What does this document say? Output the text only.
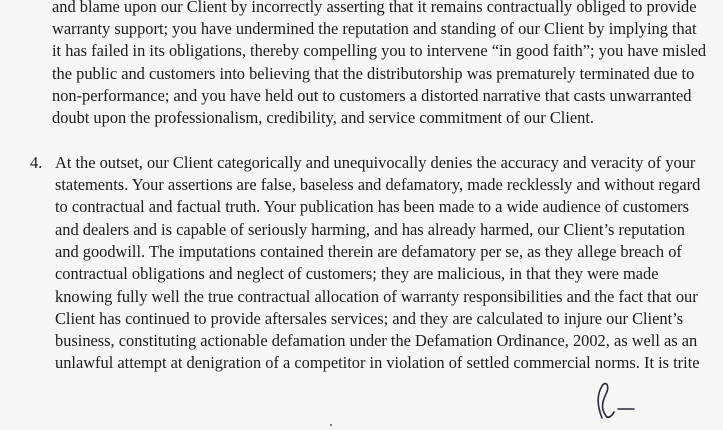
and blame upon our Client by incorrectly asserting that it remains contractually obliged to provide
warranty support; you have undermined the reputation and standing of our Client by implying that
it has failed in its obligations, thereby compelling you to intervene “in good faith”; you have misled
the public and customers into believing that the distributorship was prematurely terminated due to
non-performance; and you have held out to customers a distorted narrative that casts unwarranted
doubt upon the professionalism, credibility, and service commitment of our Client.
4. At the outset, our Client categorically and unequivocally denies the accuracy and veracity of your
statements. Your assertions are false, baseless and defamatory, made recklessly and without regard
to contractual and factual truth. Your publication has been made to a wide audience of customers
and dealers and is capable of seriously harming, and has already harmed, our Client’s reputation
and goodwill. The imputations contained therein are defamatory per se, as they allege breach of
contractual obligations and neglect of customers; they are malicious, in that they were made
knowing fully well the true contractual allocation of warranty responsibilities and the fact that our
Client has continued to provide aftersales services; and they are calculated to injure our Client’s
business, constituting actionable defamation under the Defamation Ordinance, 2002, as well as an
unlawful attempt at denigration of a competitor in violation of settled commercial norms. It is trite
